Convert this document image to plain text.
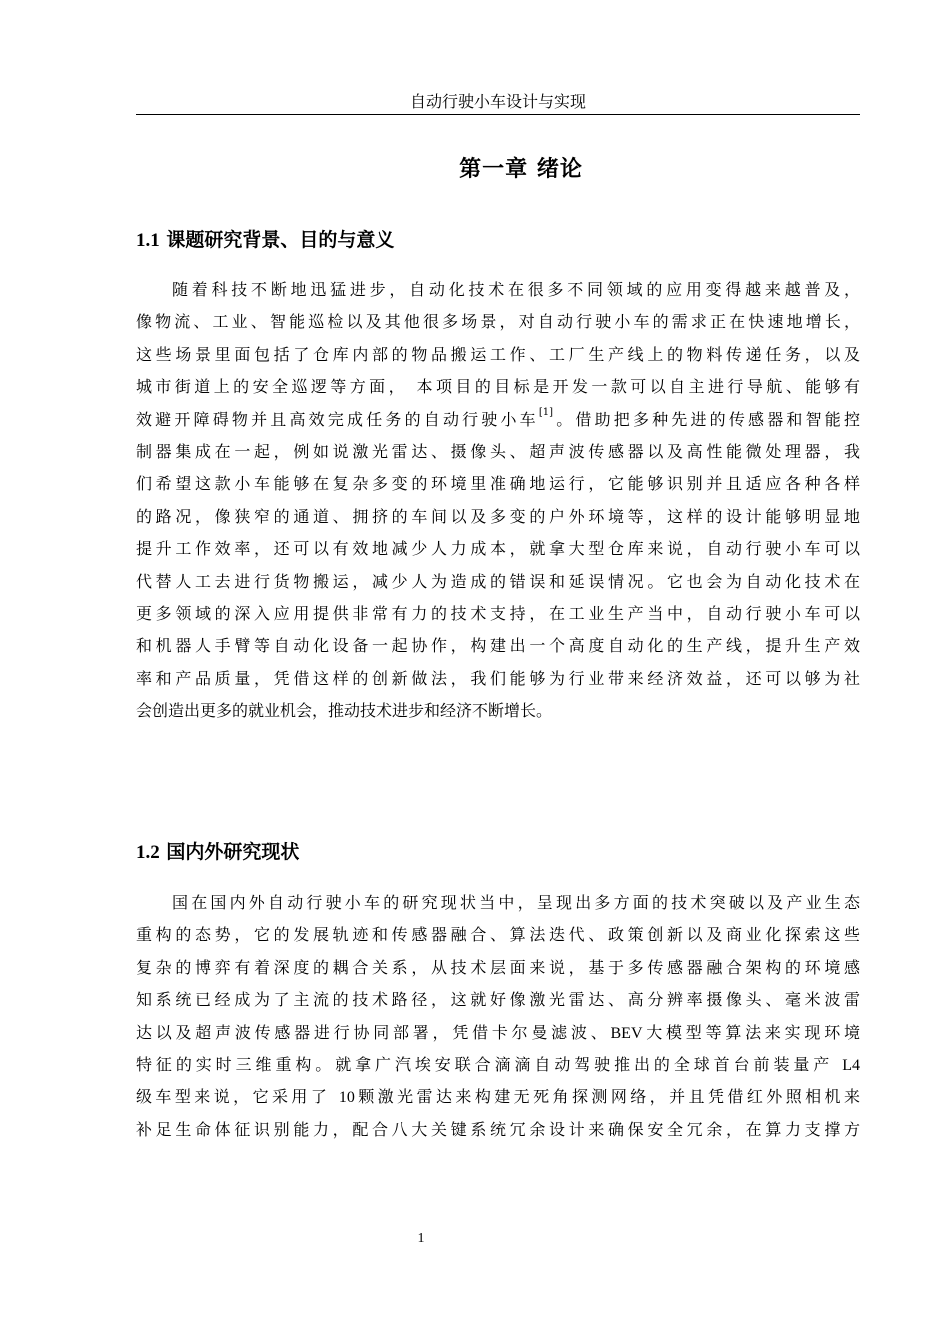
自动行驶小车设计与实现
第一章 绪论
1.1 课题研究背景、目的与意义
随着科技不断地迅猛进步，自动化技术在很多不同领域的应用变得越来越普及，
像物流、工业、智能巡检以及其他很多场景，对自动行驶小车的需求正在快速地增长，
这些场景里面包括了仓库内部的物品搬运工作、工厂生产线上的物料传递任务，以及
城市街道上的安全巡逻等方面， 本项目的目标是开发一款可以自主进行导航、能够有
效避开障碍物并且高效完成任务的自动行驶小车[1]。借助把多种先进的传感器和智能控
制器集成在一起，例如说激光雷达、摄像头、超声波传感器以及高性能微处理器，我
们希望这款小车能够在复杂多变的环境里准确地运行，它能够识别并且适应各种各样
的路况，像狭窄的通道、拥挤的车间以及多变的户外环境等，这样的设计能够明显地
提升工作效率，还可以有效地减少人力成本，就拿大型仓库来说，自动行驶小车可以
代替人工去进行货物搬运，减少人为造成的错误和延误情况。它也会为自动化技术在
更多领域的深入应用提供非常有力的技术支持，在工业生产当中，自动行驶小车可以
和机器人手臂等自动化设备一起协作，构建出一个高度自动化的生产线，提升生产效
率和产品质量，凭借这样的创新做法，我们能够为行业带来经济效益，还可以够为社
会创造出更多的就业机会，推动技术进步和经济不断增长。
1.2 国内外研究现状
国在国内外自动行驶小车的研究现状当中，呈现出多方面的技术突破以及产业生态
重构的态势，它的发展轨迹和传感器融合、算法迭代、政策创新以及商业化探索这些
复杂的博弈有着深度的耦合关系，从技术层面来说，基于多传感器融合架构的环境感
知系统已经成为了主流的技术路径，这就好像激光雷达、高分辨率摄像头、毫米波雷
达以及超声波传感器进行协同部署，凭借卡尔曼滤波、BEV大模型等算法来实现环境
特征的实时三维重构。就拿广汽埃安联合滴滴自动驾驶推出的全球首台前装量产 L4
级车型来说，它采用了 10颗激光雷达来构建无死角探测网络，并且凭借红外照相机来
补足生命体征识别能力，配合八大关键系统冗余设计来确保安全冗余，在算力支撑方
1
